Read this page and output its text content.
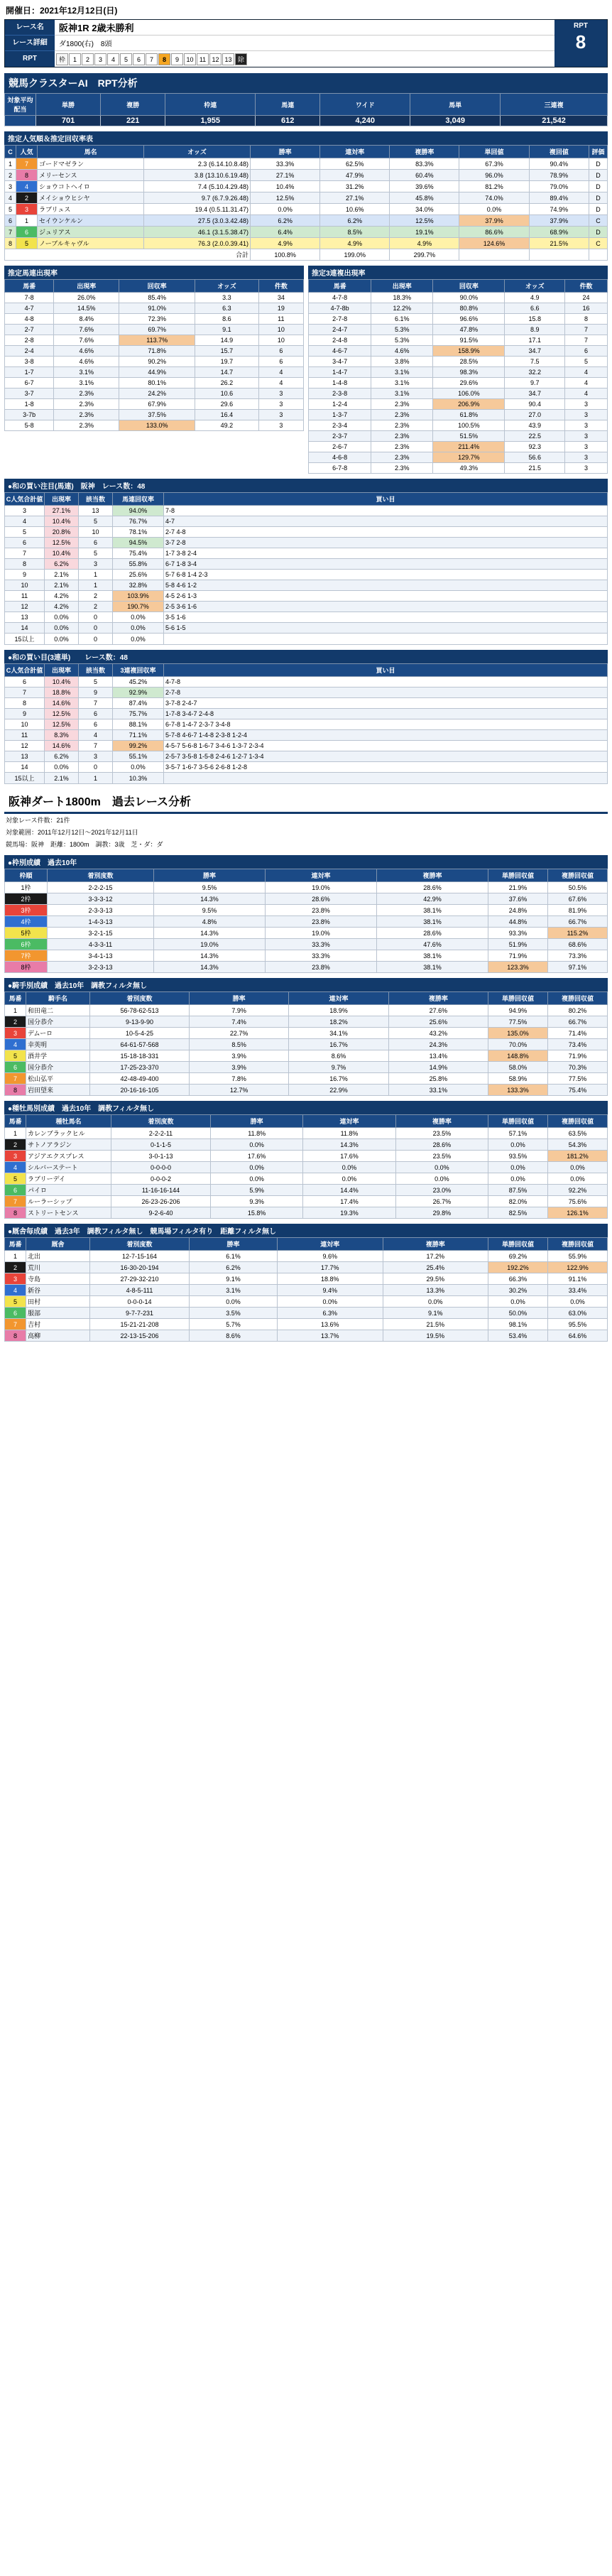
開催日：2021年12月12日(日)
レース名
レース詳細
RPT
阪神1R 2歳未勝利
ダ1800(右)　8頭
枠	1	2	3	4	5	6	7	8	9	10 11 12 13 除
RPT
8
競馬クラスターAI　RPT分析
対象平均配当	単勝	複勝	枠連	馬連	ワイド	馬単	三連複
	701	221	1,955	612	4,240	3,049	21,542
推定人気順＆推定回収率表
C	人気	馬名	オッズ	勝率	連対率	複勝率	単回値	複回値	評価
1	7	ゴードマゼラン	2.3 (6.14.10.8.48)	33.3%	62.5%	83.3%	67.3%	90.4%	D
2	8	メリーセンス	3.8 (13.10.6.19.48)	27.1%	47.9%	60.4%	96.0%	78.9%	D
3	4	ショウコトヘイロ	7.4 (5.10.4.29.48)	10.4%	31.2%	39.6%	81.2%	79.0%	D
4	2	メイショウヒシヤ	9.7 (6.7.9.26.48)	12.5%	27.1%	45.8%	74.0%	89.4%	D
5	3	ラブリュス	19.4 (0.5.11.31.47)	0.0%	10.6%	34.0%	0.0%	74.9%	D
6	1	セイウンケルン	27.5 (3.0.3.42.48)	6.2%	6.2%	12.5%	37.9%	37.9%	C
7	6	ジュリアス	46.1 (3.1.5.38.47)	6.4%	8.5%	19.1%	86.6%	68.9%	D
8	5	ノーブルキャヴル	76.3 (2.0.0.39.41)	4.9%	4.9%	4.9%	124.6%	21.5%	C
合計				100.8%	199.0%	299.7%			
推定馬連出現率
馬番	出現率	回収率	オッズ	件数
7-8	26.0%	85.4%	3.3	34
4-7	14.5%	91.0%	6.3	19
4-8	8.4%	72.3%	8.6	11
2-7	7.6%	69.7%	9.1	10
2-8	7.6%	113.7%	14.9	10
2-4	4.6%	71.8%	15.7	6
3-8	4.6%	90.2%	19.7	6
1-7	3.1%	44.9%	14.7	4
6-7	3.1%	80.1%	26.2	4
3-7	2.3%	24.2%	10.6	3
1-8	2.3%	67.9%	29.6	3
3-7b	2.3%	37.5%	16.4	3
5-8	2.3%	133.0%	49.2	3
推定3連複出現率
馬番	出現率	回収率	オッズ	件数
4-7-8	18.3%	90.0%	4.9	24
4-7-8b	12.2%	80.8%	6.6	16
2-7-8	6.1%	96.6%	15.8	8
2-4-7	5.3%	47.8%	8.9	7
2-4-8	5.3%	91.5%	17.1	7
4-6-7	4.6%	158.9%	34.7	6
3-4-7	3.8%	28.5%	7.5	5
1-4-7	3.1%	98.3%	32.2	4
1-4-8	3.1%	29.6%	9.7	4
2-3-8	3.1%	106.0%	34.7	4
1-2-4	2.3%	206.9%	90.4	3
1-3-7	2.3%	61.8%	27.0	3
2-3-4	2.3%	100.5%	43.9	3
2-3-7	2.3%	51.5%	22.5	3
2-6-7	2.3%	211.4%	92.3	3
4-6-8	2.3%	129.7%	56.6	3
6-7-8	2.3%	49.3%	21.5	3
●和の買い注目(馬連)　阪神　レース数：48
C人気合計値	出現率	該当数	馬連回収率	買い目
3	27.1%	13	94.0%	7-8
4	10.4%	5	76.7%	4-7
5	20.8%	10	78.1%	2-7 4-8
6	12.5%	6	94.5%	3-7 2-8
7	10.4%	5	75.4%	1-7 3-8 2-4
8	6.2%	3	55.8%	6-7 1-8 3-4
9	2.1%	1	25.6%	5-7 6-8 1-4 2-3
10	2.1%	1	32.8%	5-8 4-6 1-2
11	4.2%	2	103.9%	4-5 2-6 1-3
12	4.2%	2	190.7%	2-5 3-6 1-6
13	0.0%	0	0.0%	3-5 1-6
14	0.0%	0	0.0%	5-6 1-5
15以上	0.0%	0	0.0%	
●和の買い目(3連単)　　レース数：48
C人気合計値	出現率	該当数	3連複回収率	買い目
6	10.4%	5	45.2%	4-7-8
7	18.8%	9	92.9%	2-7-8
8	14.6%	7	87.4%	3-7-8 2-4-7
9	12.5%	6	75.7%	1-7-8 3-4-7 2-4-8
10	12.5%	6	88.1%	6-7-8 1-4-7 2-3-7 3-4-8
11	8.3%	4	71.1%	5-7-8 4-6-7 1-4-8 2-3-8 1-2-4
12	14.6%	7	99.2%	4-5-7 5-6-8 1-6-7 3-4-6 1-3-7 2-3-4
13	6.2%	3	55.1%	2-5-7 3-5-8 1-5-8 2-4-6 1-2-7 1-3-4
14	0.0%	0	0.0%	3-5-7 1-6-7 3-5-6 2-6-8 1-2-8
15以上	2.1%	1	10.3%	
阪神ダート1800m　過去レース分析
対象レース件数：21件
対象範囲：2011年12月12日～2021年12月11日
競馬場：阪神　距離：1800m　調教：3歳　芝・ダ：ダ
●枠別成績　過去10年
枠順	着別度数	勝率	連対率	複勝率	単勝回収値	複勝回収値
1枠	2-2-2-15	9.5%	19.0%	28.6%	21.9%	50.5%
2枠	3-3-3-12	14.3%	28.6%	42.9%	37.6%	67.6%
3枠	2-3-3-13	9.5%	23.8%	38.1%	24.8%	81.9%
4枠	1-4-3-13	4.8%	23.8%	38.1%	44.8%	66.7%
5枠	3-2-1-15	14.3%	19.0%	28.6%	93.3%	115.2%
6枠	4-3-3-11	19.0%	33.3%	47.6%	51.9%	68.6%
7枠	3-4-1-13	14.3%	33.3%	38.1%	71.9%	73.3%
8枠	3-2-3-13	14.3%	23.8%	38.1%	123.3%	97.1%
●騎手別成績　過去10年　調教フィルタ無し
馬番	騎手名	着別度数	勝率	連対率	複勝率	単勝回収値	複勝回収値
1	和田竜二	56-78-62-513	7.9%	18.9%	27.6%	94.9%	80.2%
2	国分恭介	9-13-9-90	7.4%	18.2%	25.6%	77.5%	66.7%
3	デムーロ	10-5-4-25	22.7%	34.1%	43.2%	135.0%	71.4%
4	幸英明	64-61-57-568	8.5%	16.7%	24.3%	70.0%	73.4%
5	酒井学	15-18-18-331	3.9%	8.6%	13.4%	148.8%	71.9%
6	国分恭介	17-25-23-370	3.9%	9.7%	14.9%	58.0%	70.3%
7	松山弘平	42-48-49-400	7.8%	16.7%	25.8%	58.9%	77.5%
8	岩田望来	20-16-16-105	12.7%	22.9%	33.1%	133.3%	75.4%
●種牡馬別成績　過去10年　調教フィルタ無し
馬番	種牡馬名	着別度数	勝率	連対率	複勝率	単勝回収値	複勝回収値
1	カレンブラックヒル	2-2-2-11	11.8%	11.8%	23.5%	57.1%	63.5%
2	サトノアラジン	0-1-1-5	0.0%	14.3%	28.6%	0.0%	54.3%
3	アジアエクスプレス	3-0-1-13	17.6%	17.6%	23.5%	93.5%	181.2%
4	シルバーステート	0-0-0-0	0.0%	0.0%	0.0%	0.0%	0.0%
5	ラブリーデイ	0-0-0-2	0.0%	0.0%	0.0%	0.0%	0.0%
6	パイロ	11-16-16-144	5.9%	14.4%	23.0%	87.5%	92.2%
7	ルーラーシップ	26-23-26-206	9.3%	17.4%	26.7%	82.0%	75.6%
8	ストリートセンス	9-2-6-40	15.8%	19.3%	29.8%	82.5%	126.1%
●厩舎毎成績　過去3年　調教フィルタ無し　競馬場フィルタ有り　距離フィルタ無し
馬番	厩舎	着別度数	勝率	連対率	複勝率	単勝回収値	複勝回収値
1	北出	12-7-15-164	6.1%	9.6%	17.2%	69.2%	55.9%
2	荒川	16-30-20-194	6.2%	17.7%	25.4%	192.2%	122.9%
3	寺島	27-29-32-210	9.1%	18.8%	29.5%	66.3%	91.1%
4	新谷	4-8-5-111	3.1%	9.4%	13.3%	30.2%	33.4%
5	田村	0-0-0-14	0.0%	0.0%	0.0%	0.0%	0.0%
6	服部	9-7-7-231	3.5%	6.3%	9.1%	50.0%	63.0%
7	吉村	15-21-21-208	5.7%	13.6%	21.5%	98.1%	95.5%
8	高柳	22-13-15-206	8.6%	13.7%	19.5%	53.4%	64.6%
